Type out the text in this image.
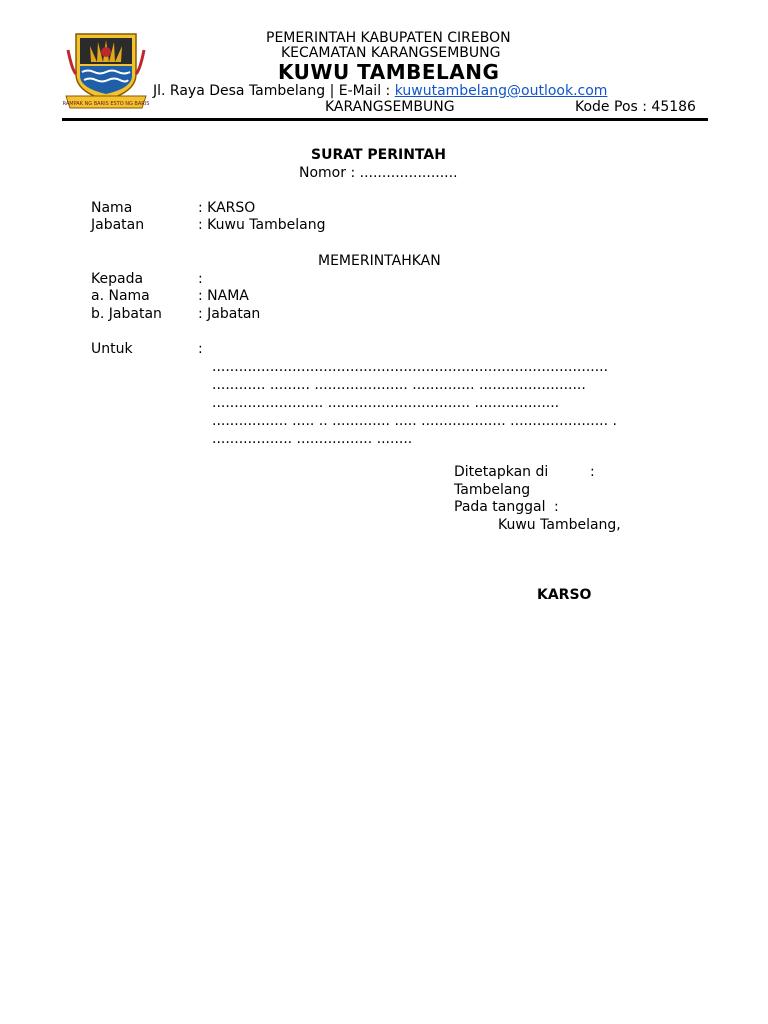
RAMPAK NG BARIS ESTO NG BARIS
PEMERINTAH KABUPATEN CIREBON
KECAMATAN KARANGSEMBUNG
KUWU TAMBELANG
Jl. Raya Desa Tambelang | E-Mail : kuwutambelang@outlook.com
KARANGSEMBUNG	Kode Pos : 45186
SURAT PERINTAH
Nomor : ......................
Nama	: KARSO
Jabatan	: Kuwu Tambelang
MEMERINTAHKAN
Kepada	:
a. Nama	: NAMA
b. Jabatan	: Jabatan
Untuk	:
.........................................................................................
............ ......... ..................... .............. ........................
......................... ................................ ...................
................. ..... .. ............. ..... ................... ...................... .
.................. ................. ........
Ditetapkan di	:
Tambelang
Pada tanggal :
Kuwu Tambelang,
KARSO
